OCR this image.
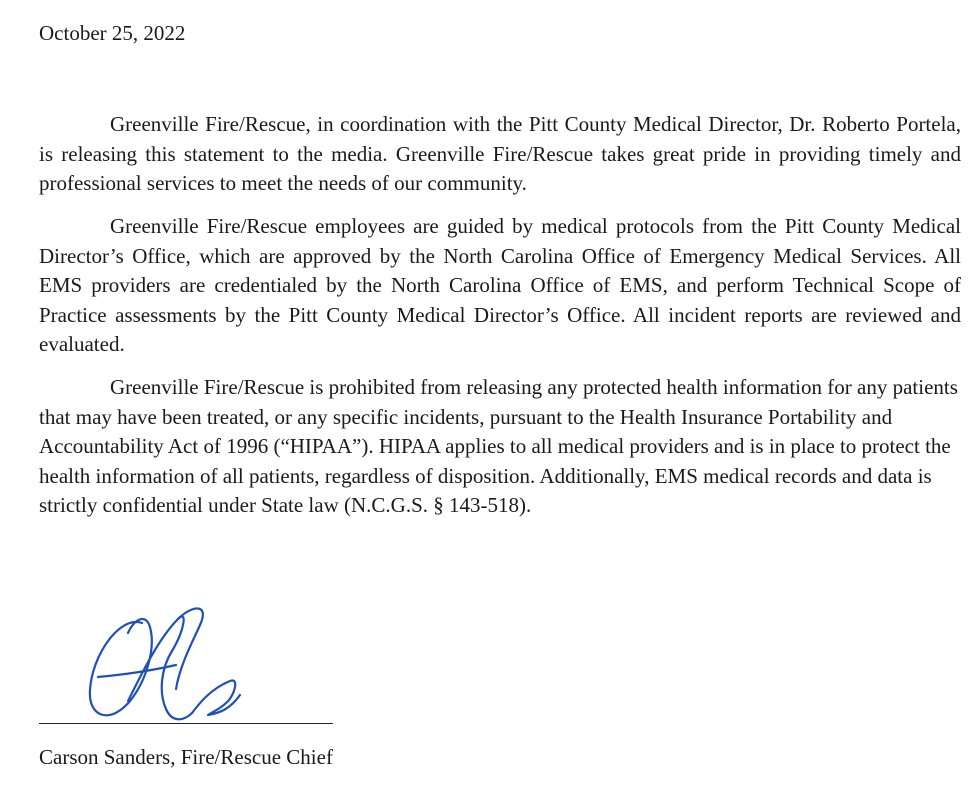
October 25, 2022

Greenville Fire/Rescue, in coordination with the Pitt County Medical Director, Dr. Roberto Portela, is releasing this statement to the media. Greenville Fire/Rescue takes great pride in providing timely and professional services to meet the needs of our community.

Greenville Fire/Rescue employees are guided by medical protocols from the Pitt County Medical Director’s Office, which are approved by the North Carolina Office of Emergency Medical Services. All EMS providers are credentialed by the North Carolina Office of EMS, and perform Technical Scope of Practice assessments by the Pitt County Medical Director’s Office. All incident reports are reviewed and evaluated.

Greenville Fire/Rescue is prohibited from releasing any protected health information for any patients that may have been treated, or any specific incidents, pursuant to the Health Insurance Portability and Accountability Act of 1996 (“HIPAA”). HIPAA applies to all medical providers and is in place to protect the health information of all patients, regardless of disposition. Additionally, EMS medical records and data is strictly confidential under State law (N.C.G.S. § 143-518).

Carson Sanders, Fire/Rescue Chief
